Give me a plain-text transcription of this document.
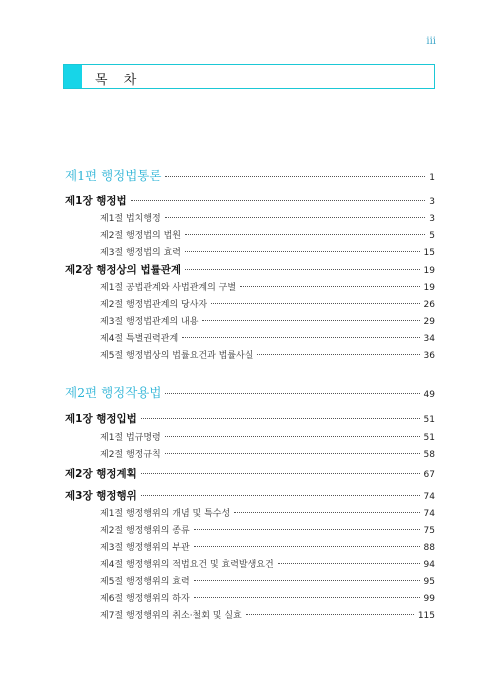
iii
목 차
제1편 행정법통론	1
제1장 행정법	3
제1절 법치행정	3
제2절 행정법의 법원	5
제3절 행정법의 효력	15
제2장 행정상의 법률관계	19
제1절 공법관계와 사법관계의 구별	19
제2절 행정법관계의 당사자	26
제3절 행정법관계의 내용	29
제4절 특별권력관계	34
제5절 행정법상의 법률요건과 법률사실	36
제2편 행정작용법	49
제1장 행정입법	51
제1절 법규명령	51
제2절 행정규칙	58
제2장 행정계획	67
제3장 행정행위	74
제1절 행정행위의 개념 및 특수성	74
제2절 행정행위의 종류	75
제3절 행정행위의 부관	88
제4절 행정행위의 적법요건 및 효력발생요건	94
제5절 행정행위의 효력	95
제6절 행정행위의 하자	99
제7절 행정행위의 취소·철회 및 실효	115
